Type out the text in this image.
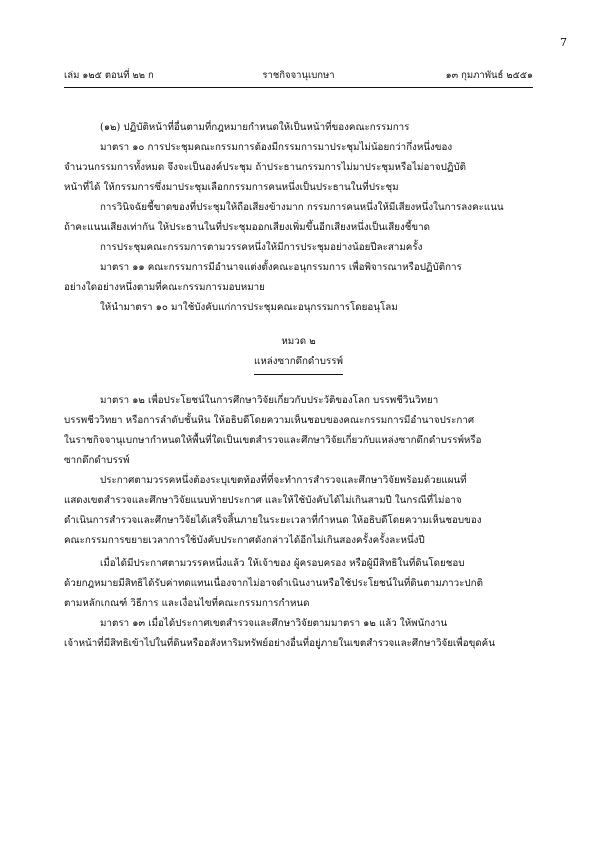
7
เล่ม ๑๒๕ ตอนที่ ๒๒ ก	ราชกิจจานุเบกษา	๑๓ กุมภาพันธ์ ๒๕๕๑

(๑๒) ปฏิบัติหน้าที่อื่นตามที่กฎหมายกำหนดให้เป็นหน้าที่ของคณะกรรมการ

มาตรา ๑๐ การประชุมคณะกรรมการต้องมีกรรมการมาประชุมไม่น้อยกว่ากึ่งหนึ่งของ

จำนวนกรรมการทั้งหมด จึงจะเป็นองค์ประชุม ถ้าประธานกรรมการไม่มาประชุมหรือไม่อาจปฏิบัติ

หน้าที่ได้ ให้กรรมการซึ่งมาประชุมเลือกกรรมการคนหนึ่งเป็นประธานในที่ประชุม

การวินิจฉัยชี้ขาดของที่ประชุมให้ถือเสียงข้างมาก กรรมการคนหนึ่งให้มีเสียงหนึ่งในการลงคะแนน

ถ้าคะแนนเสียงเท่ากัน ให้ประธานในที่ประชุมออกเสียงเพิ่มขึ้นอีกเสียงหนึ่งเป็นเสียงชี้ขาด

การประชุมคณะกรรมการตามวรรคหนึ่งให้มีการประชุมอย่างน้อยปีละสามครั้ง

มาตรา ๑๑ คณะกรรมการมีอำนาจแต่งตั้งคณะอนุกรรมการ เพื่อพิจารณาหรือปฏิบัติการ

อย่างใดอย่างหนึ่งตามที่คณะกรรมการมอบหมาย

ให้นำมาตรา ๑๐ มาใช้บังคับแก่การประชุมคณะอนุกรรมการโดยอนุโลม

หมวด ๒

แหล่งซากดึกดำบรรพ์

มาตรา ๑๒ เพื่อประโยชน์ในการศึกษาวิจัยเกี่ยวกับประวัติของโลก บรรพชีวินวิทยา

บรรพชีววิทยา หรือการลำดับชั้นหิน ให้อธิบดีโดยความเห็นชอบของคณะกรรมการมีอำนาจประกาศ

ในราชกิจจานุเบกษากำหนดให้พื้นที่ใดเป็นเขตสำรวจและศึกษาวิจัยเกี่ยวกับแหล่งซากดึกดำบรรพ์หรือ

ซากดึกดำบรรพ์

ประกาศตามวรรคหนึ่งต้องระบุเขตท้องที่ที่จะทำการสำรวจและศึกษาวิจัยพร้อมด้วยแผนที่

แสดงเขตสำรวจและศึกษาวิจัยแนบท้ายประกาศ และให้ใช้บังคับได้ไม่เกินสามปี ในกรณีที่ไม่อาจ

ดำเนินการสำรวจและศึกษาวิจัยได้เสร็จสิ้นภายในระยะเวลาที่กำหนด ให้อธิบดีโดยความเห็นชอบของ

คณะกรรมการขยายเวลาการใช้บังคับประกาศดังกล่าวได้อีกไม่เกินสองครั้งครั้งละหนึ่งปี

เมื่อได้มีประกาศตามวรรคหนึ่งแล้ว ให้เจ้าของ ผู้ครอบครอง หรือผู้มีสิทธิในที่ดินโดยชอบ

ด้วยกฎหมายมีสิทธิได้รับค่าทดแทนเนื่องจากไม่อาจดำเนินงานหรือใช้ประโยชน์ในที่ดินตามภาวะปกติ

ตามหลักเกณฑ์ วิธีการ และเงื่อนไขที่คณะกรรมการกำหนด

มาตรา ๑๓ เมื่อได้ประกาศเขตสำรวจและศึกษาวิจัยตามมาตรา ๑๒ แล้ว ให้พนักงาน

เจ้าหน้าที่มีสิทธิเข้าไปในที่ดินหรืออสังหาริมทรัพย์อย่างอื่นที่อยู่ภายในเขตสำรวจและศึกษาวิจัยเพื่อขุดค้น
